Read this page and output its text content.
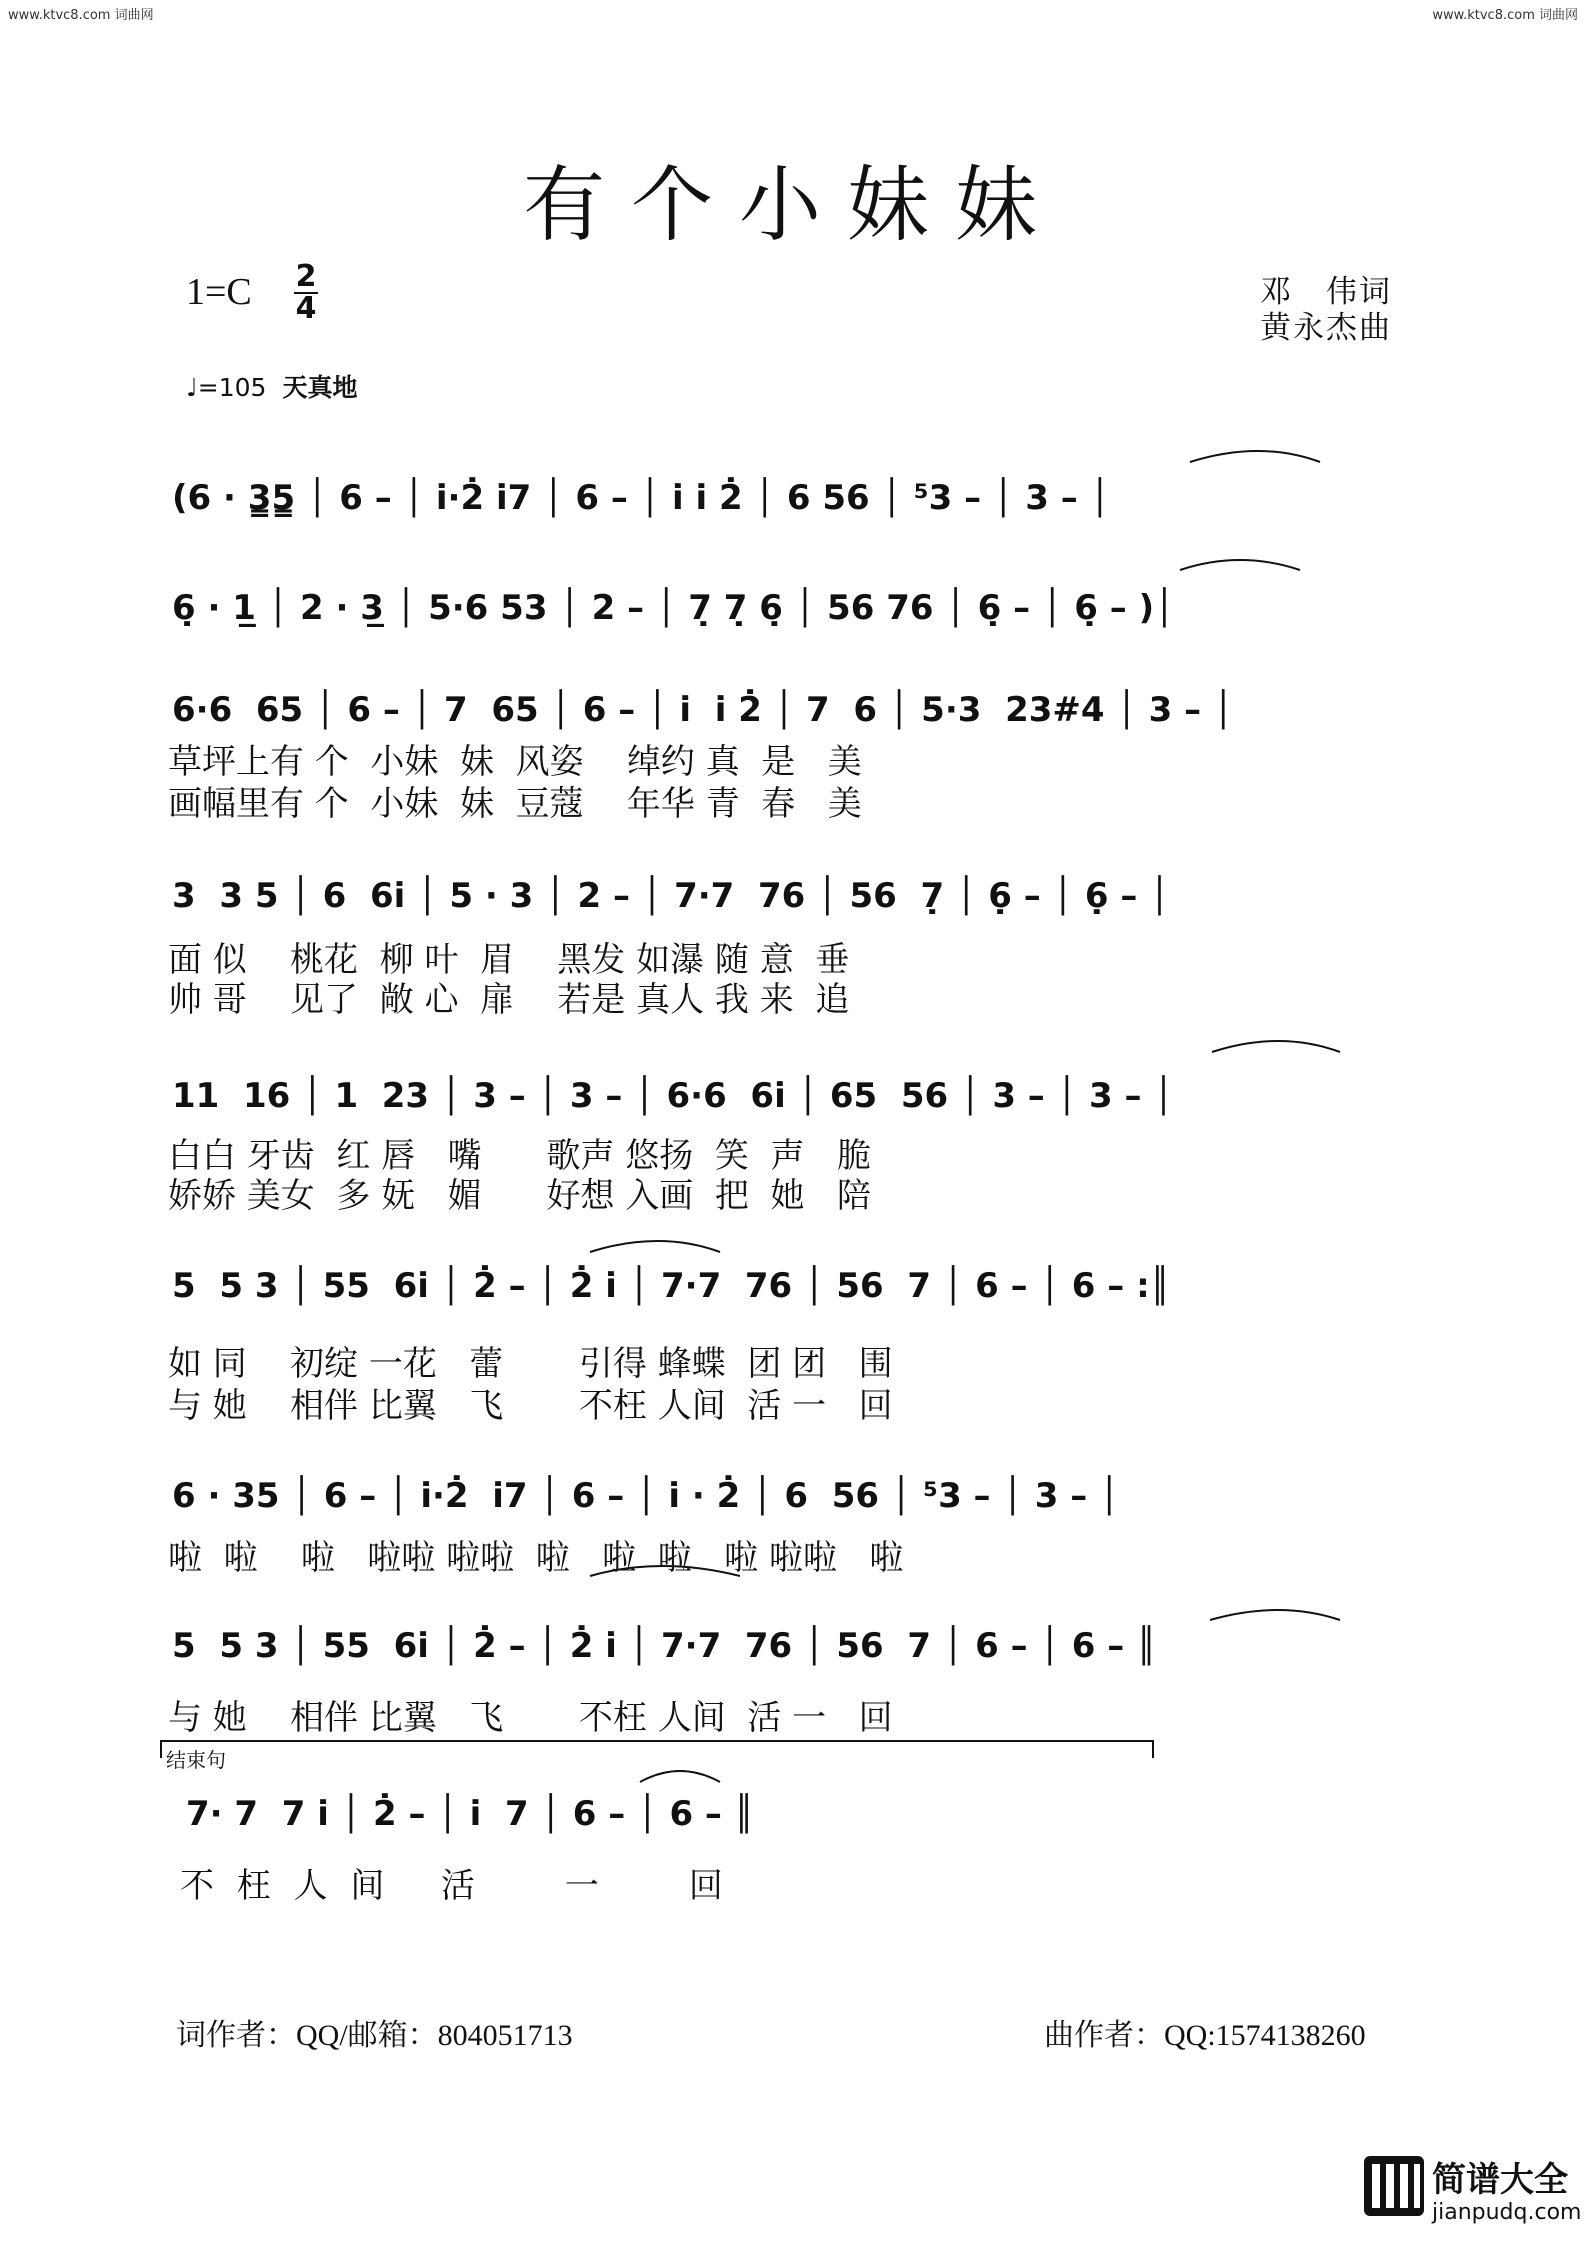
www.ktvc8.com 词曲网	www.ktvc8.com 词曲网
有个小妹妹
1=C 2
4	邓　伟词
黄永杰曲
♩=105 天真地
(6 · 3̳5̳ │ 6 – │ i̇·2̇ i̇7 │ 6 – │ i̇ i̇ 2̇ │ 6 56 │ ⁵3 – │ 3 – │
6̣ · 1̲ │ 2 · 3̲ │ 5·6 53 │ 2 – │ 7̣ 7̣ 6̣ │ 56 76 │ 6̣ – │ 6̣ – )│
6·6  65 │ 6 – │ 7  65 │ 6 – │ i̇  i̇ 2̇ │ 7  6 │ 5·3  23#4 │ 3 – │
草坪上有 个  小妹  妹  风姿    绰约 真  是   美
画幅里有 个  小妹  妹  豆蔻    年华 青  春   美
3  3 5 │ 6  6i̇ │ 5 · 3 │ 2 – │ 7·7  76 │ 56  7̣ │ 6̣ – │ 6̣ – │
面 似    桃花  柳 叶  眉    黑发 如瀑 随 意  垂
帅 哥    见了  敞 心  扉    若是 真人 我 来  追
11  16 │ 1  23 │ 3 – │ 3 – │ 6·6  6i̇ │ 65  56 │ 3 – │ 3 – │
白白 牙齿  红 唇   嘴      歌声 悠扬  笑  声   脆
娇娇 美女  多 妩   媚      好想 入画  把  她   陪
5  5 3 │ 55  6i̇ │ 2̇ – │ 2̇ i̇ │ 7·7  76 │ 56  7 │ 6 – │ 6 – :║
如 同    初绽 一花   蕾       引得 蜂蝶  团 团   围
与 她    相伴 比翼   飞       不枉 人间  活 一   回
6 · 35 │ 6 – │ i̇·2̇  i̇7 │ 6 – │ i̇ · 2̇ │ 6  56 │ ⁵3 – │ 3 – │
啦  啦    啦   啦啦 啦啦  啦   啦  啦   啦 啦啦   啦
5  5 3 │ 55  6i̇ │ 2̇ – │ 2̇ i̇ │ 7·7  76 │ 56  7 │ 6 – │ 6 – ║
与 她    相伴 比翼   飞       不枉 人间  活 一   回
结束句
7· 7  7 i̇ │ 2̇ – │ i̇  7 │ 6 – │ 6 – ║
不 枉 人 间   活     一     回
词作者：QQ/邮箱：804051713	曲作者：QQ:1574138260
简谱大全
jianpudq.com
